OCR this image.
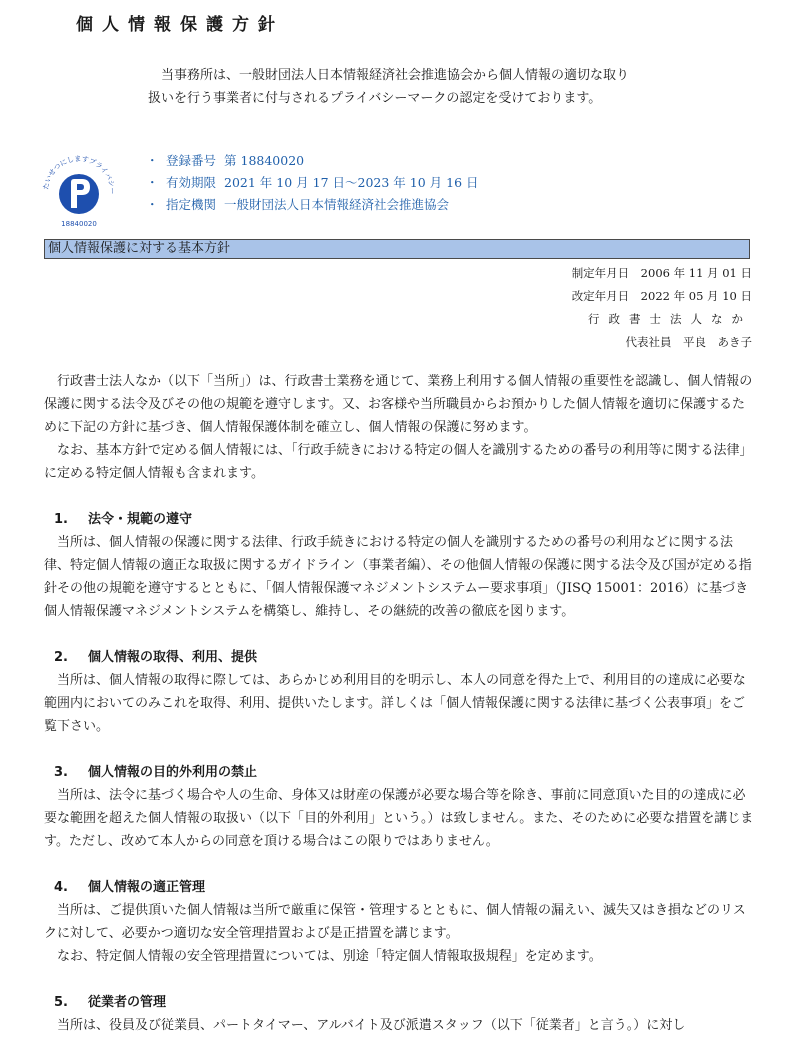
個人情報保護方針
当事務所は、一般財団法人日本情報経済社会推進協会から個人情報の適切な取り扱いを行う事業者に付与されるプライバシーマークの認定を受けております。
たいせつにしますプライバシー
18840020
・ 登録番号 第 18840020
・ 有効期限 2021 年 10 月 17 日～2023 年 10 月 16 日
・ 指定機関 一般財団法人日本情報経済社会推進協会
個人情報保護に対する基本方針
制定年月日　2006 年 11 月 01 日
改定年月日　2022 年 05 月 10 日
行政書士法人なか
代表社員　平良　あき子

行政書士法人なか（以下「当所」）は、行政書士業務を通じて、業務上利用する個人情報の重要性を認識し、個人情報の保護に関する法令及びその他の規範を遵守します。又、お客様や当所職員からお預かりした個人情報を適切に保護するために下記の方針に基づき、個人情報保護体制を確立し、個人情報の保護に努めます。

なお、基本方針で定める個人情報には、「行政手続きにおける特定の個人を識別するための番号の利用等に関する法律」に定める特定個人情報も含まれます。

1. 法令・規範の遵守

当所は、個人情報の保護に関する法律、行政手続きにおける特定の個人を識別するための番号の利用などに関する法律、特定個人情報の適正な取扱に関するガイドライン（事業者編）、その他個人情報の保護に関する法令及び国が定める指針その他の規範を遵守するとともに、「個人情報保護マネジメントシステムー要求事項」（JISQ 15001：2016）に基づき個人情報保護マネジメントシステムを構築し、維持し、その継続的改善の徹底を図ります。

2. 個人情報の取得、利用、提供

当所は、個人情報の取得に際しては、あらかじめ利用目的を明示し、本人の同意を得た上で、利用目的の達成に必要な範囲内においてのみこれを取得、利用、提供いたします。詳しくは「個人情報保護に関する法律に基づく公表事項」をご覧下さい。

3. 個人情報の目的外利用の禁止

当所は、法令に基づく場合や人の生命、身体又は財産の保護が必要な場合等を除き、事前に同意頂いた目的の達成に必要な範囲を超えた個人情報の取扱い（以下「目的外利用」という。）は致しません。また、そのために必要な措置を講じます。ただし、改めて本人からの同意を頂ける場合はこの限りではありません。

4. 個人情報の適正管理

当所は、ご提供頂いた個人情報は当所で厳重に保管・管理するとともに、個人情報の漏えい、滅失又はき損などのリスクに対して、必要かつ適切な安全管理措置および是正措置を講じます。

なお、特定個人情報の安全管理措置については、別途「特定個人情報取扱規程」を定めます。

5. 従業者の管理

当所は、役員及び従業員、パートタイマー、アルバイト及び派遣スタッフ（以下「従業者」と言う。）に対し
